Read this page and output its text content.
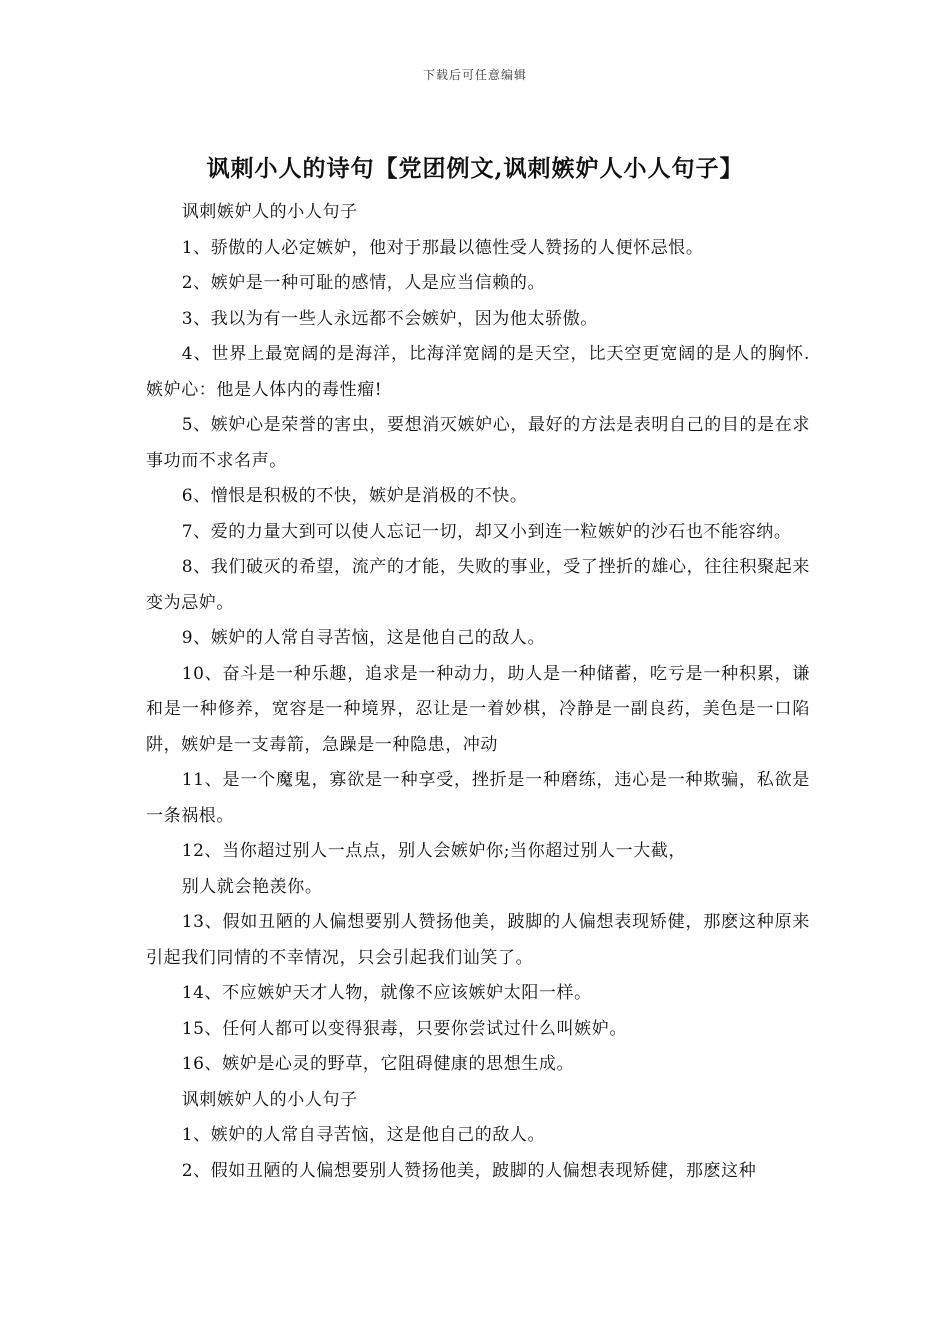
下载后可任意编辑
讽刺小人的诗句【党团例文,讽刺嫉妒人小人句子】

讽刺嫉妒人的小人句子

1、骄傲的人必定嫉妒，他对于那最以德性受人赞扬的人便怀忌恨。

2、嫉妒是一种可耻的感情，人是应当信赖的。

3、我以为有一些人永远都不会嫉妒，因为他太骄傲。

4、世界上最宽阔的是海洋，比海洋宽阔的是天空，比天空更宽阔的是人的胸怀.嫉妒心：他是人体内的毒性瘤!

5、嫉妒心是荣誉的害虫，要想消灭嫉妒心，最好的方法是表明自己的目的是在求事功而不求名声。

6、憎恨是积极的不快，嫉妒是消极的不快。

7、爱的力量大到可以使人忘记一切，却又小到连一粒嫉妒的沙石也不能容纳。

8、我们破灭的希望，流产的才能，失败的事业，受了挫折的雄心，往往积聚起来变为忌妒。

9、嫉妒的人常自寻苦恼，这是他自己的敌人。

10、奋斗是一种乐趣，追求是一种动力，助人是一种储蓄，吃亏是一种积累，谦和是一种修养，宽容是一种境界，忍让是一着妙棋，冷静是一副良药，美色是一口陷阱，嫉妒是一支毒箭，急躁是一种隐患，冲动

11、是一个魔鬼，寡欲是一种享受，挫折是一种磨练，违心是一种欺骗，私欲是一条祸根。

12、当你超过别人一点点，别人会嫉妒你;当你超过别人一大截，

别人就会艳羡你。

13、假如丑陋的人偏想要别人赞扬他美，跛脚的人偏想表现矫健，那麽这种原来引起我们同情的不幸情况，只会引起我们讪笑了。

14、不应嫉妒天才人物，就像不应该嫉妒太阳一样。

15、任何人都可以变得狠毒，只要你尝试过什么叫嫉妒。

16、嫉妒是心灵的野草，它阻碍健康的思想生成。

讽刺嫉妒人的小人句子

1、嫉妒的人常自寻苦恼，这是他自己的敌人。

2、假如丑陋的人偏想要别人赞扬他美，跛脚的人偏想表现矫健，那麽这种
